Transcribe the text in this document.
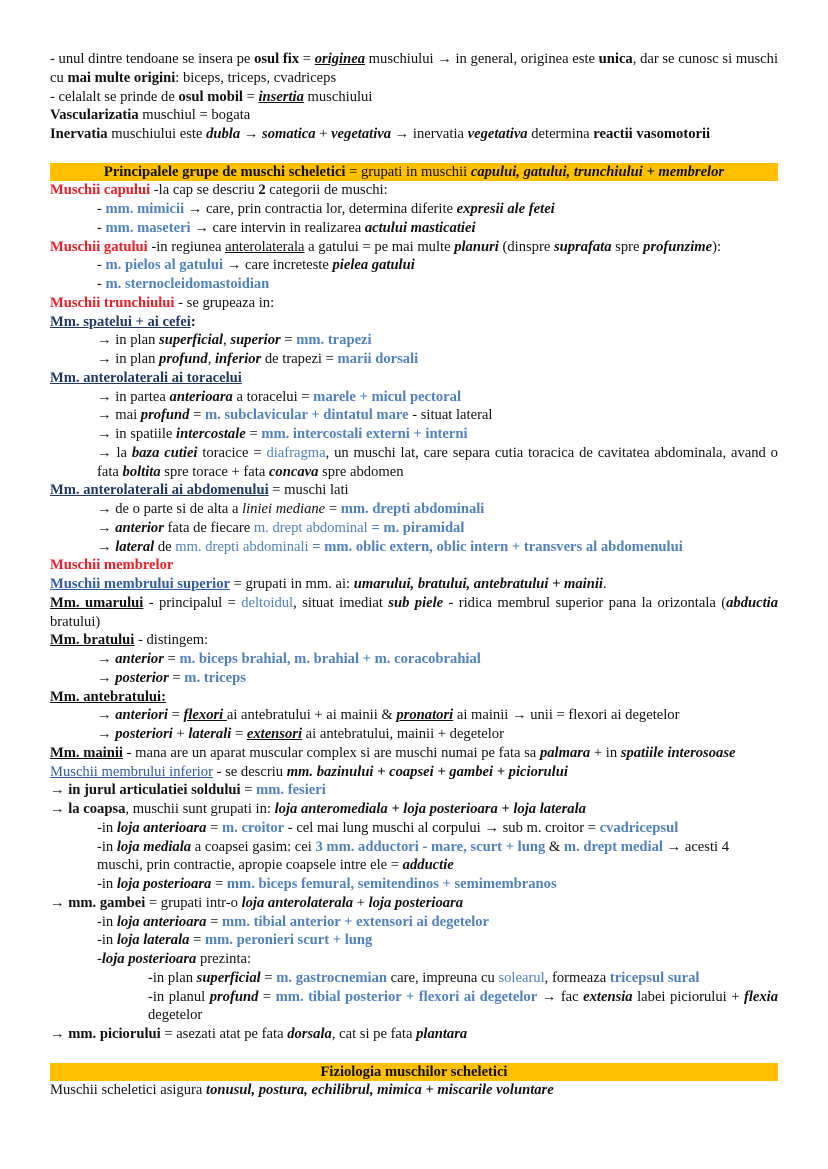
- unul dintre tendoane se insera pe osul fix = originea muschiului → in general, originea este unica, dar se cunosc si muschi cu mai multe origini: biceps, triceps, cvadriceps
- celalalt se prinde de osul mobil = insertia muschiului
Vascularizatia muschiul = bogata
Inervatia muschiului este dubla → somatica + vegetativa → inervatia vegetativa determina reactii vasomotorii
Principalele grupe de muschi scheletici = grupati in muschii capului, gatului, trunchiului + membrelor
Muschii capului -la cap se descriu 2 categorii de muschi:
- mm. mimicii → care, prin contractia lor, determina diferite expresii ale fetei
- mm. maseteri → care intervin in realizarea actului masticatiei
Muschii gatului -in regiunea anterolaterala a gatului = pe mai multe planuri (dinspre suprafata spre profunzime):
- m. pielos al gatului → care increteste pielea gatului
- m. sternocleidomastoidian
Muschii trunchiului - se grupeaza in:
Mm. spatelui + ai cefei:
→ in plan superficial, superior = mm. trapezi
→ in plan profund, inferior de trapezi = marii dorsali
Mm. anterolaterali ai toracelui
→ in partea anterioara a toracelui = marele + micul pectoral
→ mai profund = m. subclavicular + dintatul mare - situat lateral
→ in spatiile intercostale = mm. intercostali externi + interni
→ la baza cutiei toracice = diafragma, un muschi lat, care separa cutia toracica de cavitatea abdominala, avand o fata boltita spre torace + fata concava spre abdomen
Mm. anterolaterali ai abdomenului = muschi lati
→ de o parte si de alta a liniei mediane = mm. drepti abdominali
→ anterior fata de fiecare m. drept abdominal = m. piramidal
→ lateral de mm. drepti abdominali = mm. oblic extern, oblic intern + transvers al abdomenului
Muschii membrelor
Muschii membrului superior = grupati in mm. ai: umarului, bratului, antebratului + mainii.
Mm. umarului - principalul = deltoidul, situat imediat sub piele - ridica membrul superior pana la orizontala (abductia bratului)
Mm. bratului - distingem:
→ anterior = m. biceps brahial, m. brahial + m. coracobrahial
→ posterior = m. triceps
Mm. antebratului:
→ anteriori = flexori ai antebratului + ai mainii & pronatori ai mainii → unii = flexori ai degetelor
→ posteriori + laterali = extensori ai antebratului, mainii + degetelor
Mm. mainii - mana are un aparat muscular complex si are muschi numai pe fata sa palmara + in spatiile interosoase
Muschii membrului inferior - se descriu mm. bazinului + coapsei + gambei + piciorului
→ in jurul articulatiei soldului = mm. fesieri
→ la coapsa, muschii sunt grupati in: loja anteromediala + loja posterioara + loja laterala
-in loja anterioara = m. croitor - cel mai lung muschi al corpului → sub m. croitor = cvadricepsul
-in loja mediala a coapsei gasim: cei 3 mm. adductori - mare, scurt + lung & m. drept medial → acesti 4 muschi, prin contractie, apropie coapsele intre ele = adductie
-in loja posterioara = mm. biceps femural, semitendinos + semimembranos
→ mm. gambei = grupati intr-o loja anterolaterala + loja posterioara
-in loja anterioara = mm. tibial anterior + extensori ai degetelor
-in loja laterala = mm. peronieri scurt + lung
-loja posterioara prezinta:
-in plan superficial = m. gastrocnemian care, impreuna cu solearul, formeaza tricepsul sural
-in planul profund = mm. tibial posterior + flexori ai degetelor → fac extensia labei piciorului + flexia degetelor
→ mm. piciorului = asezati atat pe fata dorsala, cat si pe fata plantara
Fiziologia muschilor scheletici
Muschii scheletici asigura tonusul, postura, echilibrul, mimica + miscarile voluntare
